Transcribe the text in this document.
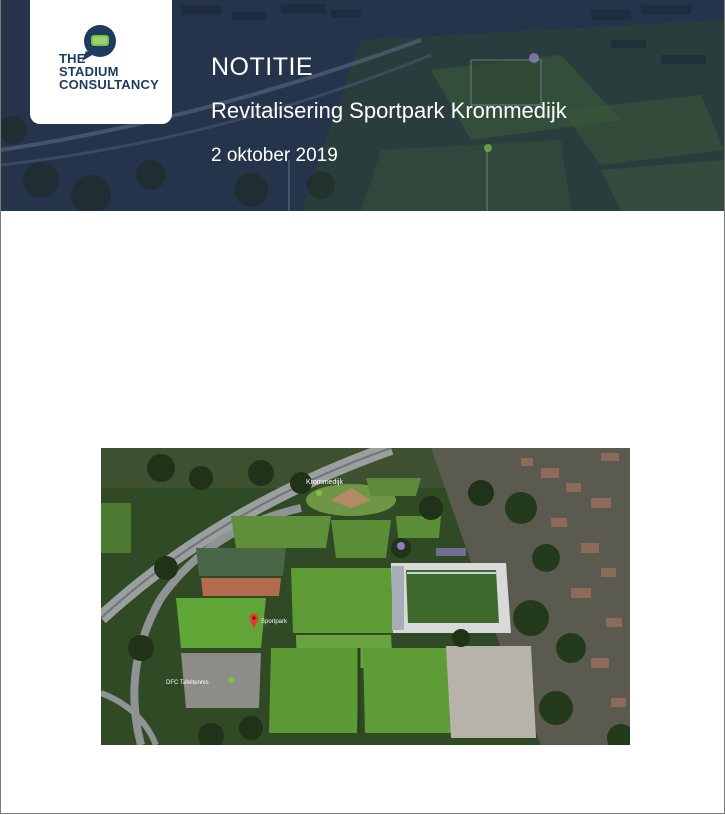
THE
STADIUM
CONSULTANCY
NOTITIE
Revitalisering Sportpark Krommedijk
2 oktober 2019
Krommedijk
Sportpark
DFC Tafeltennis
